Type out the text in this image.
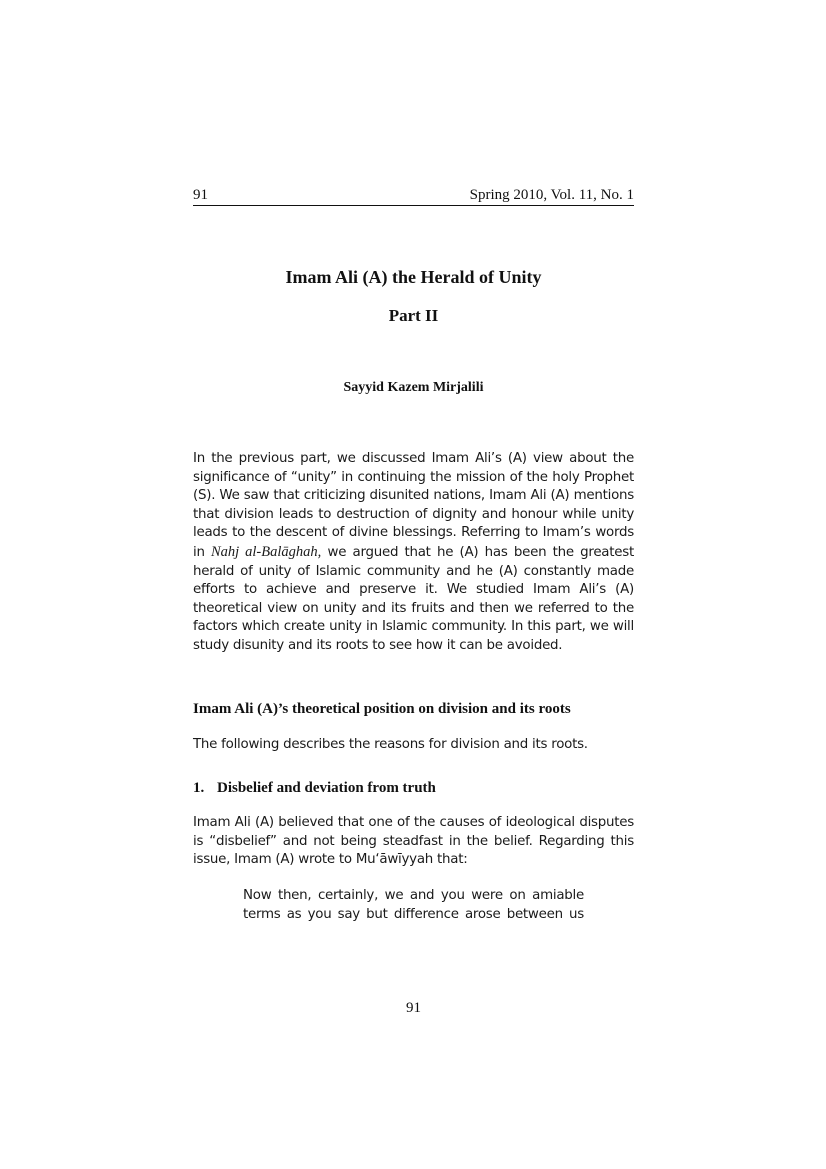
91	Spring 2010, Vol. 11, No. 1
Imam Ali (A) the Herald of Unity
Part II
Sayyid Kazem Mirjalili
In the previous part, we discussed Imam Ali’s (A) view about the significance of “unity” in continuing the mission of the holy Prophet (S). We saw that criticizing disunited nations, Imam Ali (A) mentions that division leads to destruction of dignity and honour while unity leads to the descent of divine blessings. Referring to Imam’s words in Nahj al-Balāghah, we argued that he (A) has been the greatest herald of unity of Islamic community and he (A) constantly made efforts to achieve and preserve it. We studied Imam Ali’s (A) theoretical view on unity and its fruits and then we referred to the factors which create unity in Islamic community. In this part, we will study disunity and its roots to see how it can be avoided.
Imam Ali (A)’s theoretical position on division and its roots
The following describes the reasons for division and its roots.
1. Disbelief and deviation from truth
Imam Ali (A) believed that one of the causes of ideological disputes is “disbelief” and not being steadfast in the belief. Regarding this issue, Imam (A) wrote to Mu‘āwīyyah that:
Now then, certainly, we and you were on amiable terms as you say but difference arose between us
91
